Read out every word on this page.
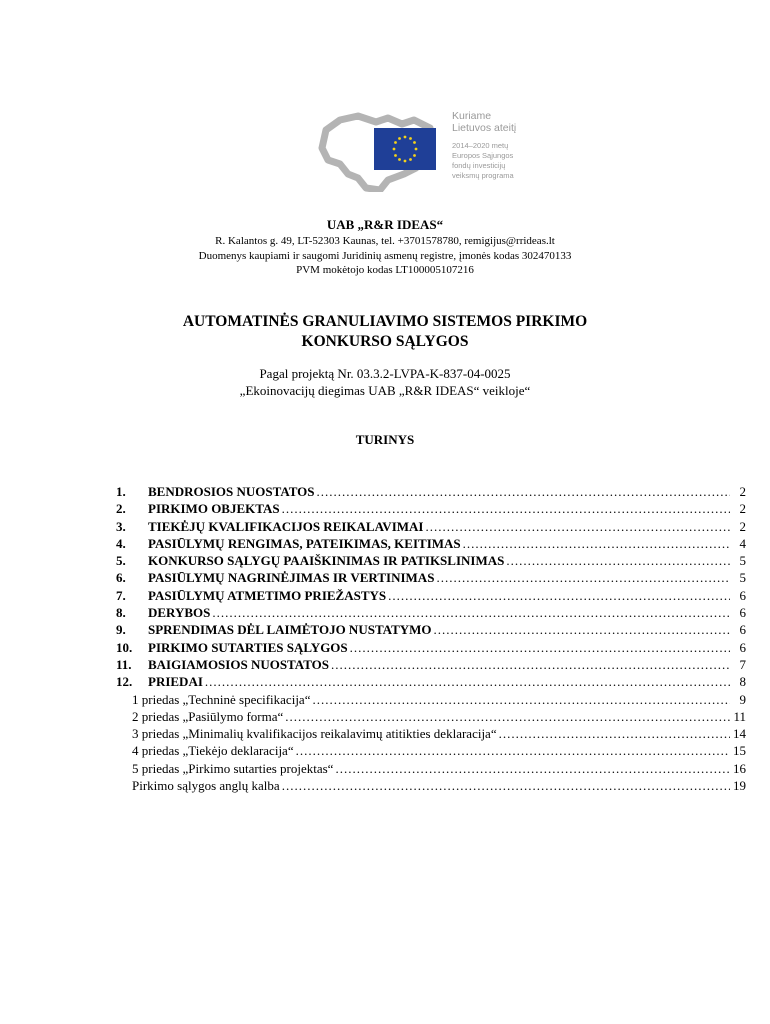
Kuriame
Lietuvos ateitį
2014–2020 metų
Europos Sąjungos
fondų investicijų
veiksmų programa
UAB „R&R IDEAS“
R. Kalantos g. 49, LT-52303 Kaunas, tel. +3701578780, remigijus@rrideas.lt
Duomenys kaupiami ir saugomi Juridinių asmenų registre, įmonės kodas 302470133
PVM mokėtojo kodas LT100005107216
AUTOMATINĖS GRANULIAVIMO SISTEMOS PIRKIMO
KONKURSO SĄLYGOS
Pagal projektą Nr. 03.3.2-LVPA-K-837-04-0025
„Ekoinovacijų diegimas UAB „R&R IDEAS“ veikloje“
TURINYS
1.	BENDROSIOS NUOSTATOS .....	2
2.	PIRKIMO OBJEKTAS .....	2
3.	TIEKĖJŲ KVALIFIKACIJOS REIKALAVIMAI .....	2
4.	PASIŪLYMŲ RENGIMAS, PATEIKIMAS, KEITIMAS .....	4
5.	KONKURSO SĄLYGŲ PAAIŠKINIMAS IR PATIKSLINIMAS .....	5
6.	PASIŪLYMŲ NAGRINĖJIMAS IR VERTINIMAS .....	5
7.	PASIŪLYMŲ ATMETIMO PRIEŽASTYS .....	6
8.	DERYBOS .....	6
9.	SPRENDIMAS DĖL LAIMĖTOJO NUSTATYMO .....	6
10.	PIRKIMO SUTARTIES SĄLYGOS .....	6
11.	BAIGIAMOSIOS NUOSTATOS .....	7
12.	PRIEDAI .....	8
1 priedas „Techninė specifikacija“ .....	9
2 priedas „Pasiūlymo forma“ .....	11
3 priedas „Minimalių kvalifikacijos reikalavimų atitikties deklaracija“ .....	14
4 priedas „Tiekėjo deklaracija“ .....	15
5 priedas „Pirkimo sutarties projektas“ .....	16
Pirkimo sąlygos anglų kalba .....	19
